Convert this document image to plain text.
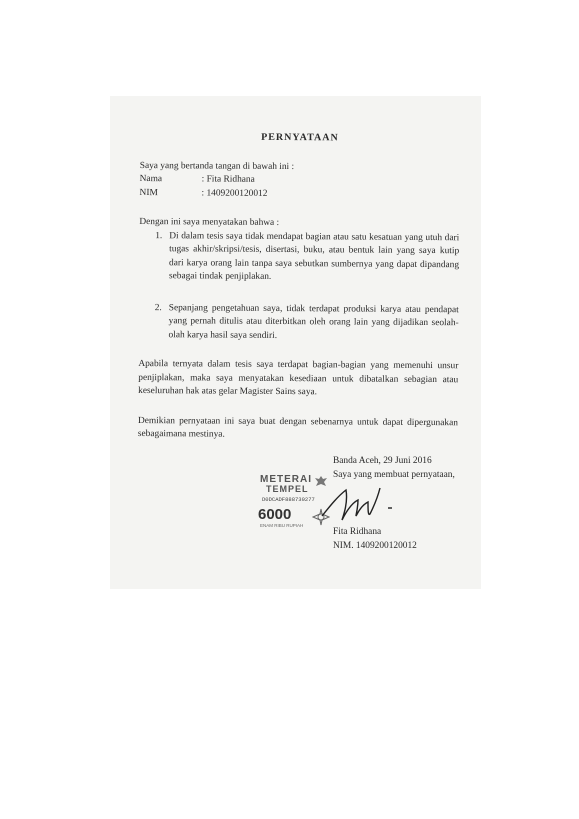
PERNYATAAN

Saya yang bertanda tangan di bawah ini :

Nama	: Fita Ridhana
NIM	: 1409200120012

Dengan ini saya menyatakan bahwa :

1. Di dalam tesis saya tidak mendapat bagian atau satu kesatuan yang utuh dari tugas akhir/skripsi/tesis, disertasi, buku, atau bentuk lain yang saya kutip dari karya orang lain tanpa saya sebutkan sumbernya yang dapat dipandang sebagai tindak penjiplakan.
2. Sepanjang pengetahuan saya, tidak terdapat produksi karya atau pendapat yang pernah ditulis atau diterbitkan oleh orang lain yang dijadikan seolah-olah karya hasil saya sendiri.

Apabila ternyata dalam tesis saya terdapat bagian-bagian yang memenuhi unsur penjiplakan, maka saya menyatakan kesediaan untuk dibatalkan sebagian atau keseluruhan hak atas gelar Magister Sains saya.

Demikian pernyataan ini saya buat dengan sebenarnya untuk dapat dipergunakan sebagaimana mestinya.

Banda Aceh, 29 Juni 2016
Saya yang membuat pernyataan,
METERAI
TEMPEL
D0DCADF888730277
6000
ENAM RIBU RUPIAH
Fita Ridhana
NIM. 1409200120012
